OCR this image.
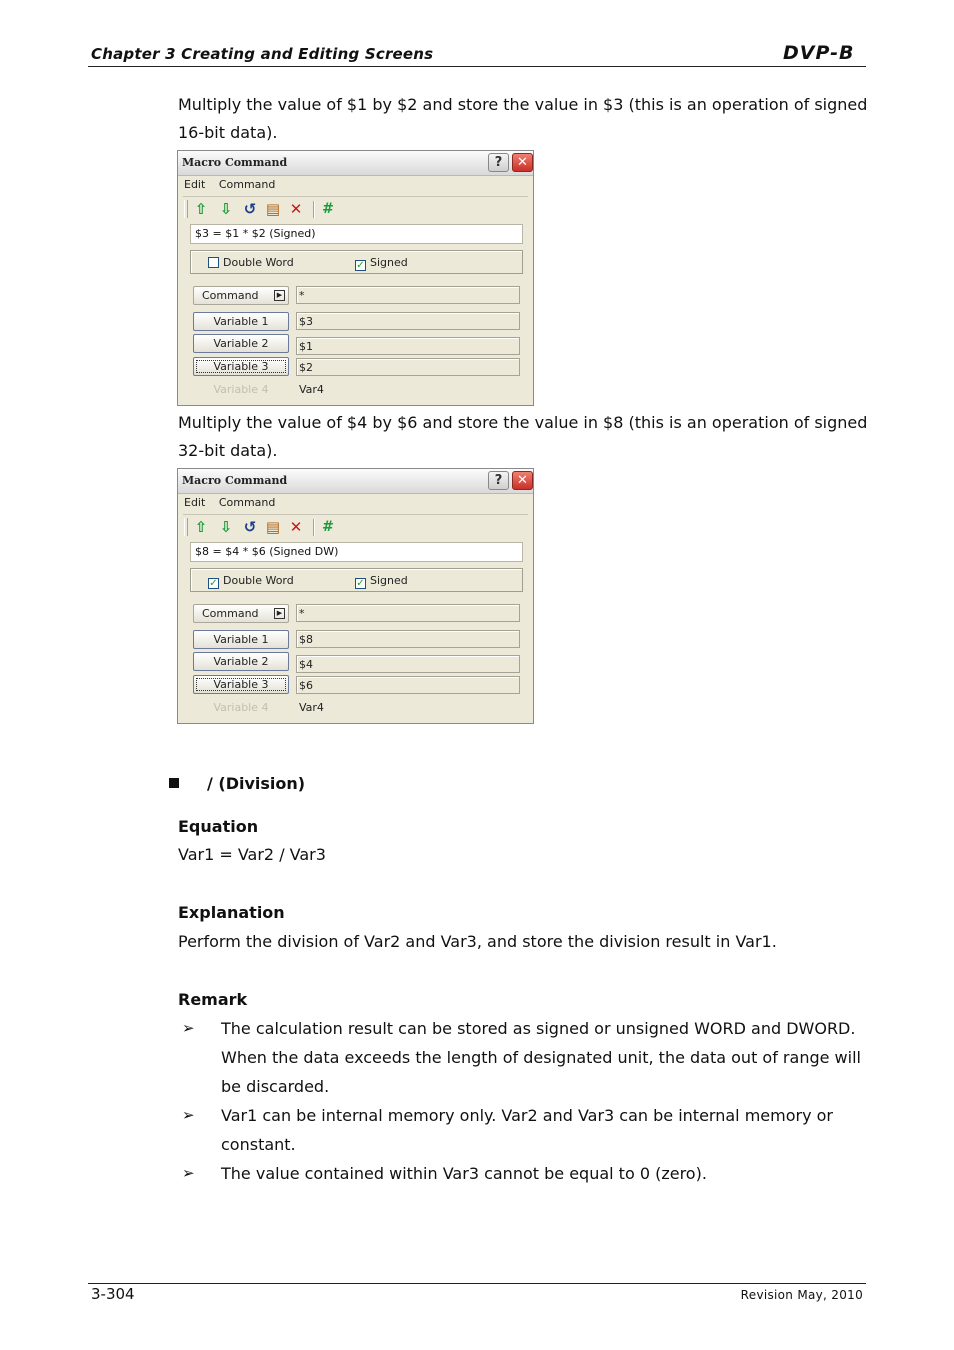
Chapter 3 Creating and Editing Screens	DVP-B
Multiply the value of $1 by $2 and store the value in $3 (this is an operation of signed 16-bit data).
Macro Command	?	✕
Edit Command
⇧ ⇩ ↺ ▤ ✕ #
$3 = $1 * $2 (Signed)
Double Word	✓ Signed
Command	▶ *
Variable 1	$3
Variable 2	$1
Variable 3	$2
Variable 4	Var4
Multiply the value of $4 by $6 and store the value in $8 (this is an operation of signed 32-bit data).
Macro Command	?	✕
Edit Command
⇧ ⇩ ↺ ▤ ✕ #
$8 = $4 * $6 (Signed DW)
✓ Double Word	✓ Signed
Command	▶ *
Variable 1	$8
Variable 2	$4
Variable 3	$6
Variable 4	Var4
/ (Division)
Equation
Var1 = Var2 / Var3
Explanation
Perform the division of Var2 and Var3, and store the division result in Var1.
Remark
➢ The calculation result can be stored as signed or unsigned WORD and DWORD. When the data exceeds the length of designated unit, the data out of range will be discarded.
➢ Var1 can be internal memory only. Var2 and Var3 can be internal memory or constant.
➢ The value contained within Var3 cannot be equal to 0 (zero).
3-304	Revision May, 2010
